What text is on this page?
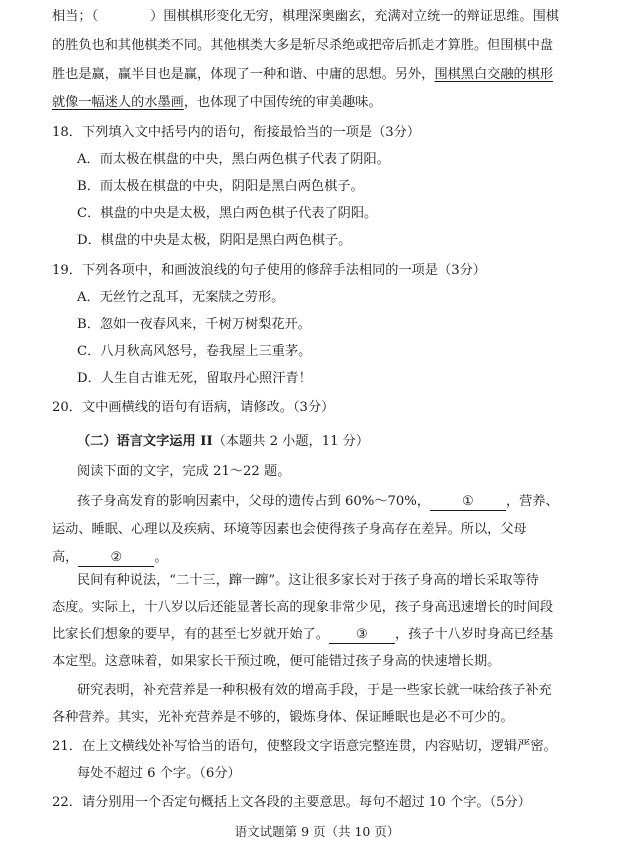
相当；（	）围棋棋形变化无穷，棋理深奥幽玄，充满对立统一的辩证思维。围棋
的胜负也和其他棋类不同。其他棋类大多是斩尽杀绝或把帝后抓走才算胜。但围棋中盘
胜也是赢，赢半目也是赢，体现了一种和谐、中庸的思想。另外，围棋黑白交融的棋形
就像一幅迷人的水墨画，也体现了中国传统的审美趣味。
18．下列填入文中括号内的语句，衔接最恰当的一项是（3分）
A．而太极在棋盘的中央，黑白两色棋子代表了阴阳。
B．而太极在棋盘的中央，阴阳是黑白两色棋子。
C．棋盘的中央是太极，黑白两色棋子代表了阴阳。
D．棋盘的中央是太极，阴阳是黑白两色棋子。
19．下列各项中，和画波浪线的句子使用的修辞手法相同的一项是（3分）
A．无丝竹之乱耳，无案牍之劳形。
B．忽如一夜春风来，千树万树梨花开。
C．八月秋高风怒号，卷我屋上三重茅。
D．人生自古谁无死，留取丹心照汗青！
20．文中画横线的语句有语病，请修改。（3分）
（二）语言文字运用 II（本题共 2 小题，11 分）
阅读下面的文字，完成 21～22 题。
孩子身高发育的影响因素中，父母的遗传占到 60%～70%， ① ，营养、
运动、睡眠、心理以及疾病、环境等因素也会使得孩子身高存在差异。所以，父母
高， ② 。
民间有种说法，“二十三，蹿一蹿”。这让很多家长对于孩子身高的增长采取等待
态度。实际上，十八岁以后还能显著长高的现象非常少见，孩子身高迅速增长的时间段
比家长们想象的要早，有的甚至七岁就开始了。 ③ ，孩子十八岁时身高已经基
本定型。这意味着，如果家长干预过晚，便可能错过孩子身高的快速增长期。
研究表明，补充营养是一种积极有效的增高手段，于是一些家长就一味给孩子补充
各种营养。其实，光补充营养是不够的，锻炼身体、保证睡眠也是必不可少的。
21．在上文横线处补写恰当的语句，使整段文字语意完整连贯，内容贴切，逻辑严密。
每处不超过 6 个字。（6分）
22．请分别用一个否定句概括上文各段的主要意思。每句不超过 10 个字。（5分）
语文试题第 9 页（共 10 页）
